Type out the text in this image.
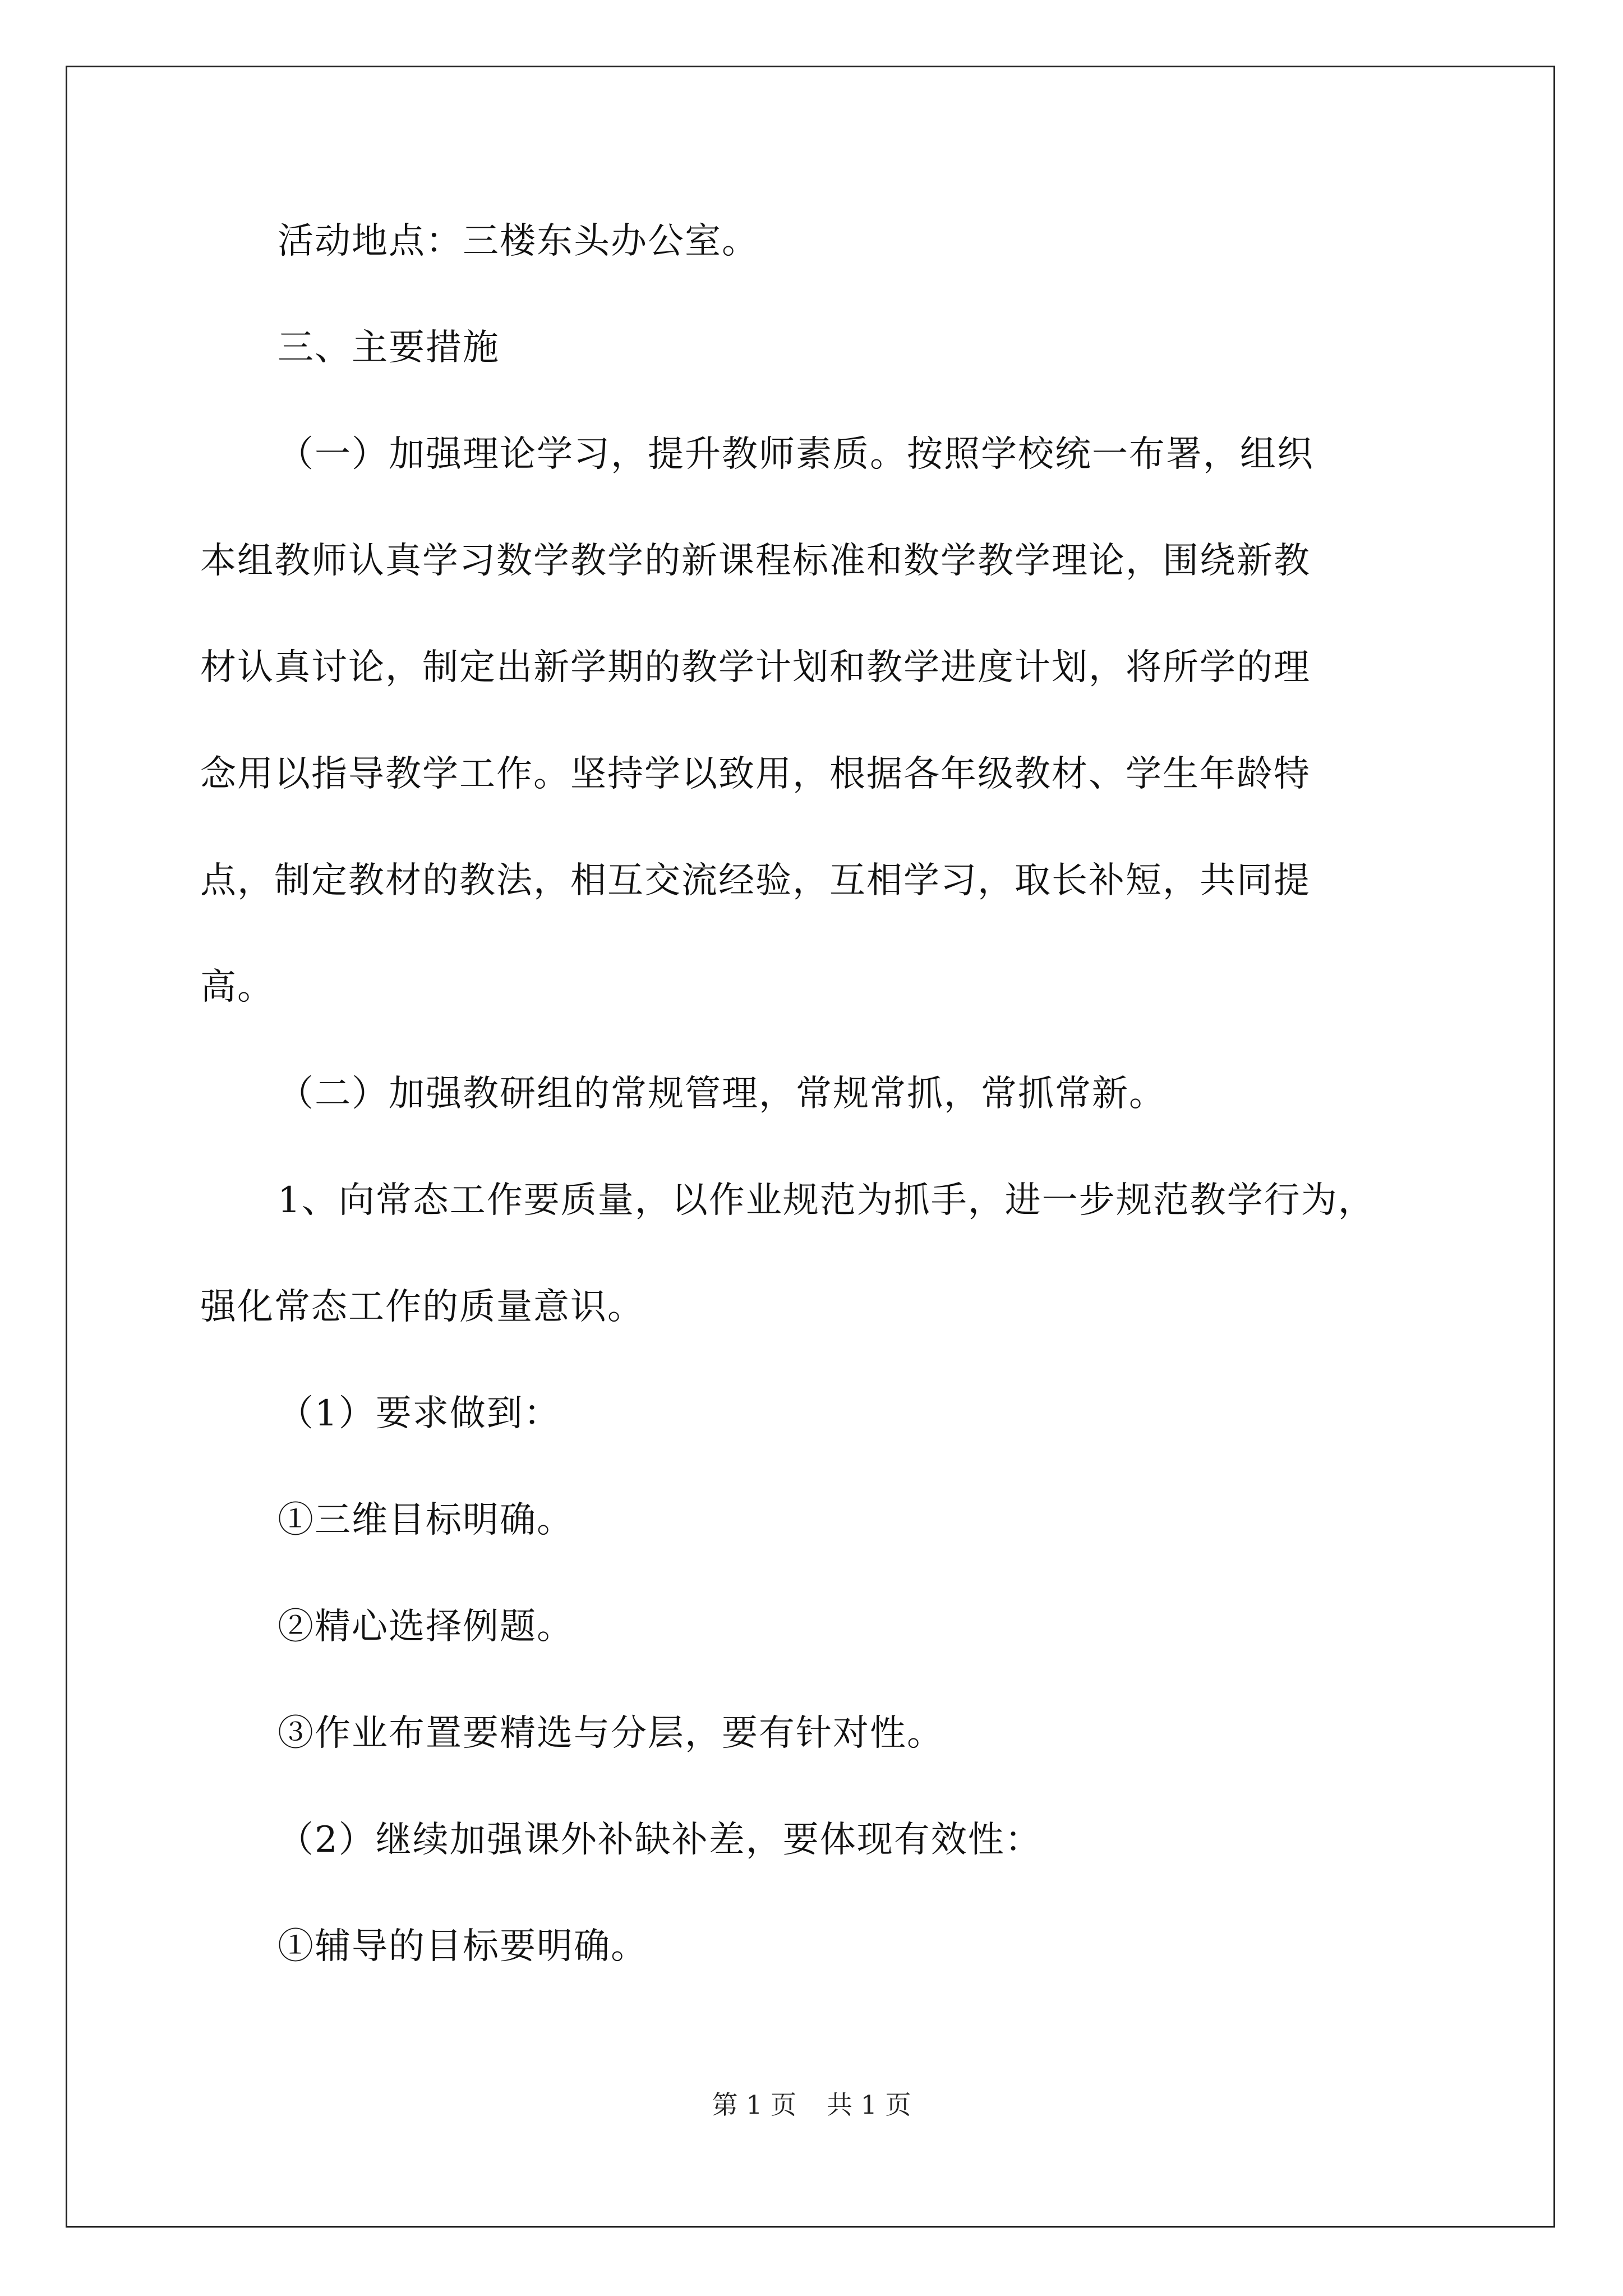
活动地点：三楼东头办公室。
三、主要措施
（一）加强理论学习，提升教师素质。按照学校统一布署，组织
本组教师认真学习数学教学的新课程标准和数学教学理论，围绕新教
材认真讨论，制定出新学期的教学计划和教学进度计划，将所学的理
念用以指导教学工作。坚持学以致用，根据各年级教材、学生年龄特
点，制定教材的教法，相互交流经验，互相学习，取长补短，共同提
高。
（二）加强教研组的常规管理，常规常抓，常抓常新。
1、向常态工作要质量，以作业规范为抓手，进一步规范教学行为，
强化常态工作的质量意识。
（1）要求做到：
①三维目标明确。
②精心选择例题。
③作业布置要精选与分层，要有针对性。
（2）继续加强课外补缺补差，要体现有效性：
①辅导的目标要明确。
第 1 页 共 1 页
